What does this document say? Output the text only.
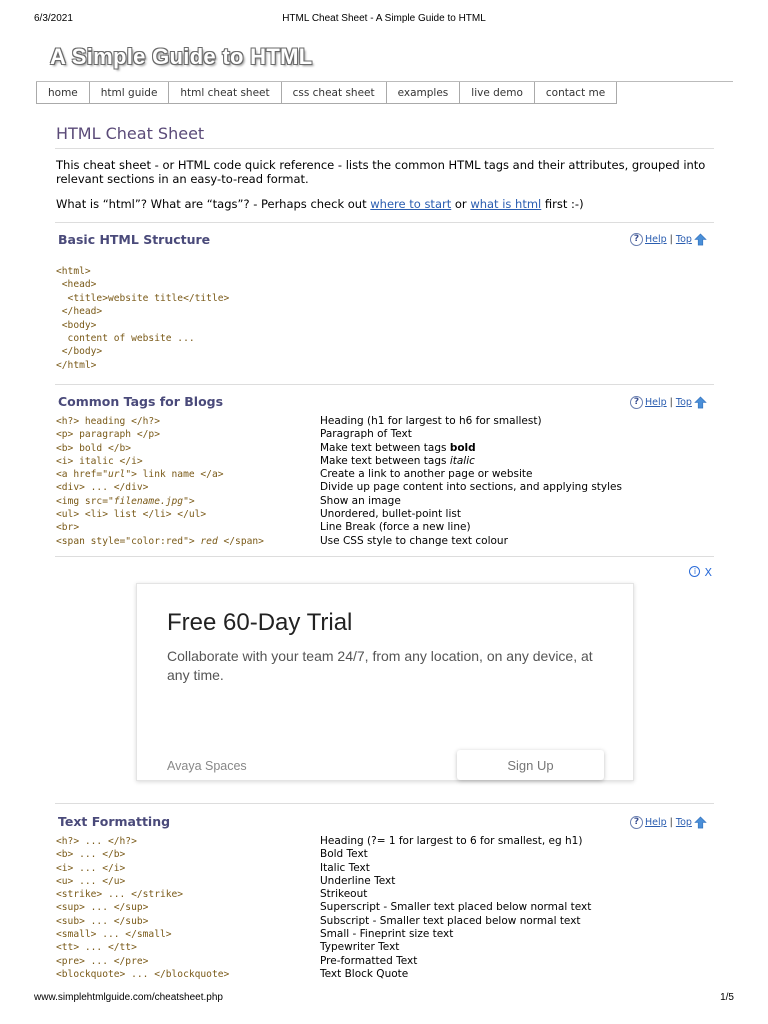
6/3/2021	HTML Cheat Sheet - A Simple Guide to HTML
A Simple Guide to HTML
home	html guide	html cheat sheet	css cheat sheet	examples	live demo	contact me
HTML Cheat Sheet
This cheat sheet - or HTML code quick reference - lists the common HTML tags and their attributes, grouped into relevant sections in an easy-to-read format.
What is “html”? What are “tags”? - Perhaps check out where to start or what is html first :-)
Basic HTML Structure	? Help | Top
<html>
<head>
<title>website title</title>
</head>
<body>
content of website ...
</body>
</html>
Common Tags for Blogs	? Help | Top
<h?> heading </h?>	Heading (h1 for largest to h6 for smallest)
<p> paragraph </p>	Paragraph of Text
<b> bold </b>	Make text between tags bold
<i> italic </i>	Make text between tags italic
<a href="url"> link name </a>	Create a link to another page or website
<div> ... </div>	Divide up page content into sections, and applying styles
<img src="filename.jpg">	Show an image
<ul> <li> list </li> </ul>	Unordered, bullet-point list
<br>	Line Break (force a new line)
<span style="color:red"> red </span>	Use CSS style to change text colour
i X
Free 60-Day Trial
Collaborate with your team 24/7, from any location, on any device, at any time.
Avaya Spaces	Sign Up
Text Formatting	? Help | Top
<h?> ... </h?>	Heading (?= 1 for largest to 6 for smallest, eg h1)
<b> ... </b>	Bold Text
<i> ... </i>	Italic Text
<u> ... </u>	Underline Text
<strike> ... </strike>	Strikeout
<sup> ... </sup>	Superscript - Smaller text placed below normal text
<sub> ... </sub>	Subscript - Smaller text placed below normal text
<small> ... </small>	Small - Fineprint size text
<tt> ... </tt>	Typewriter Text
<pre> ... </pre>	Pre-formatted Text
<blockquote> ... </blockquote>	Text Block Quote
www.simplehtmlguide.com/cheatsheet.php	1/5
